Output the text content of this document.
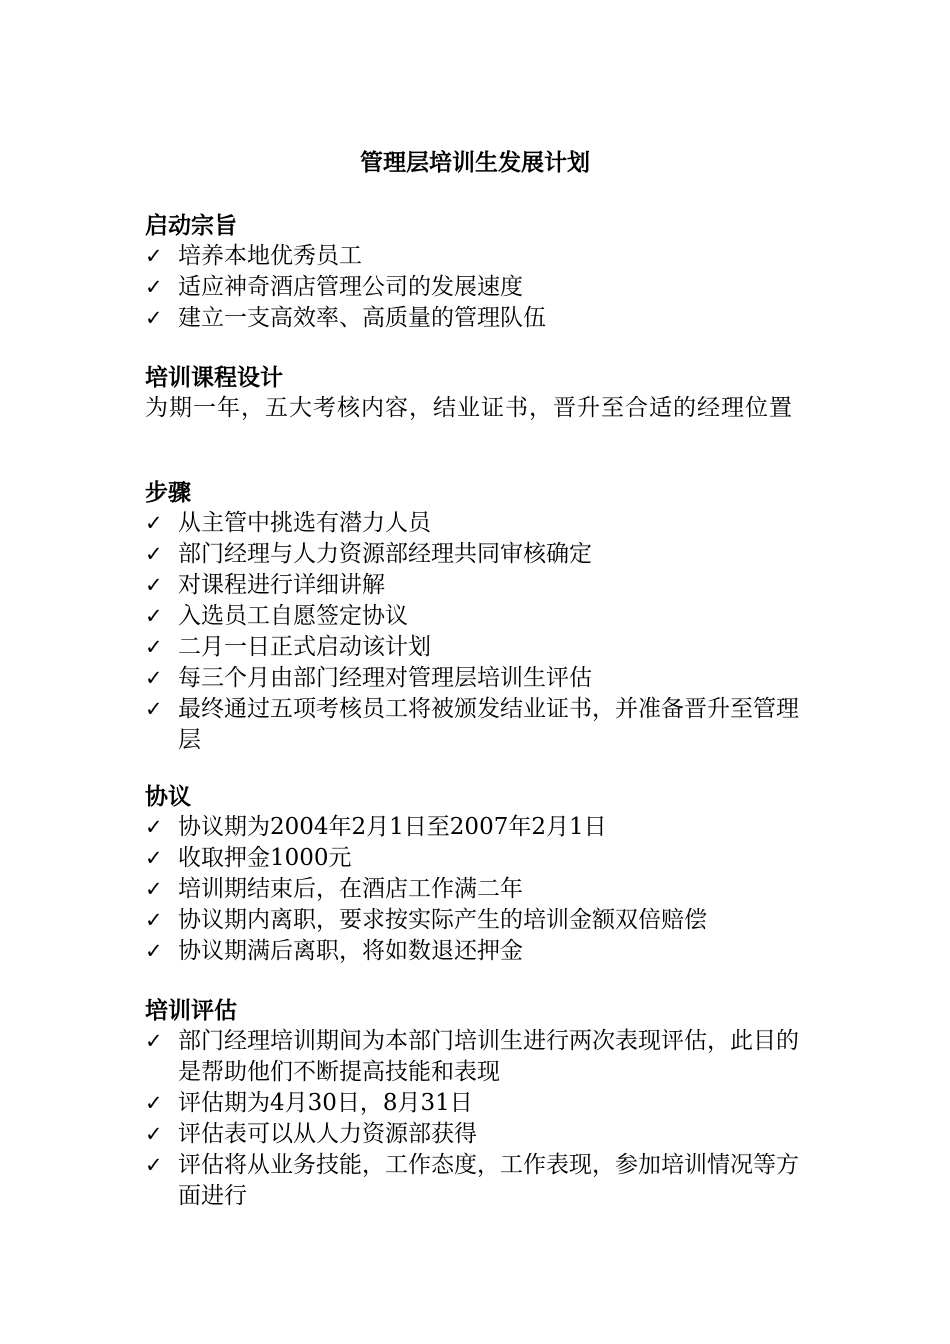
管理层培训生发展计划
启动宗旨
✓ 培养本地优秀员工
✓ 适应神奇酒店管理公司的发展速度
✓ 建立一支高效率、高质量的管理队伍
培训课程设计
为期一年，五大考核内容，结业证书，晋升至合适的经理位置
步骤
✓ 从主管中挑选有潜力人员
✓ 部门经理与人力资源部经理共同审核确定
✓ 对课程进行详细讲解
✓ 入选员工自愿签定协议
✓ 二月一日正式启动该计划
✓ 每三个月由部门经理对管理层培训生评估
✓ 最终通过五项考核员工将被颁发结业证书，并准备晋升至管理层
协议
✓ 协议期为2004年2月1日至2007年2月1日
✓ 收取押金1000元
✓ 培训期结束后，在酒店工作满二年
✓ 协议期内离职，要求按实际产生的培训金额双倍赔偿
✓ 协议期满后离职，将如数退还押金
培训评估
✓ 部门经理培训期间为本部门培训生进行两次表现评估，此目的是帮助他们不断提高技能和表现
✓ 评估期为4月30日，8月31日
✓ 评估表可以从人力资源部获得
✓ 评估将从业务技能，工作态度，工作表现，参加培训情况等方面进行
